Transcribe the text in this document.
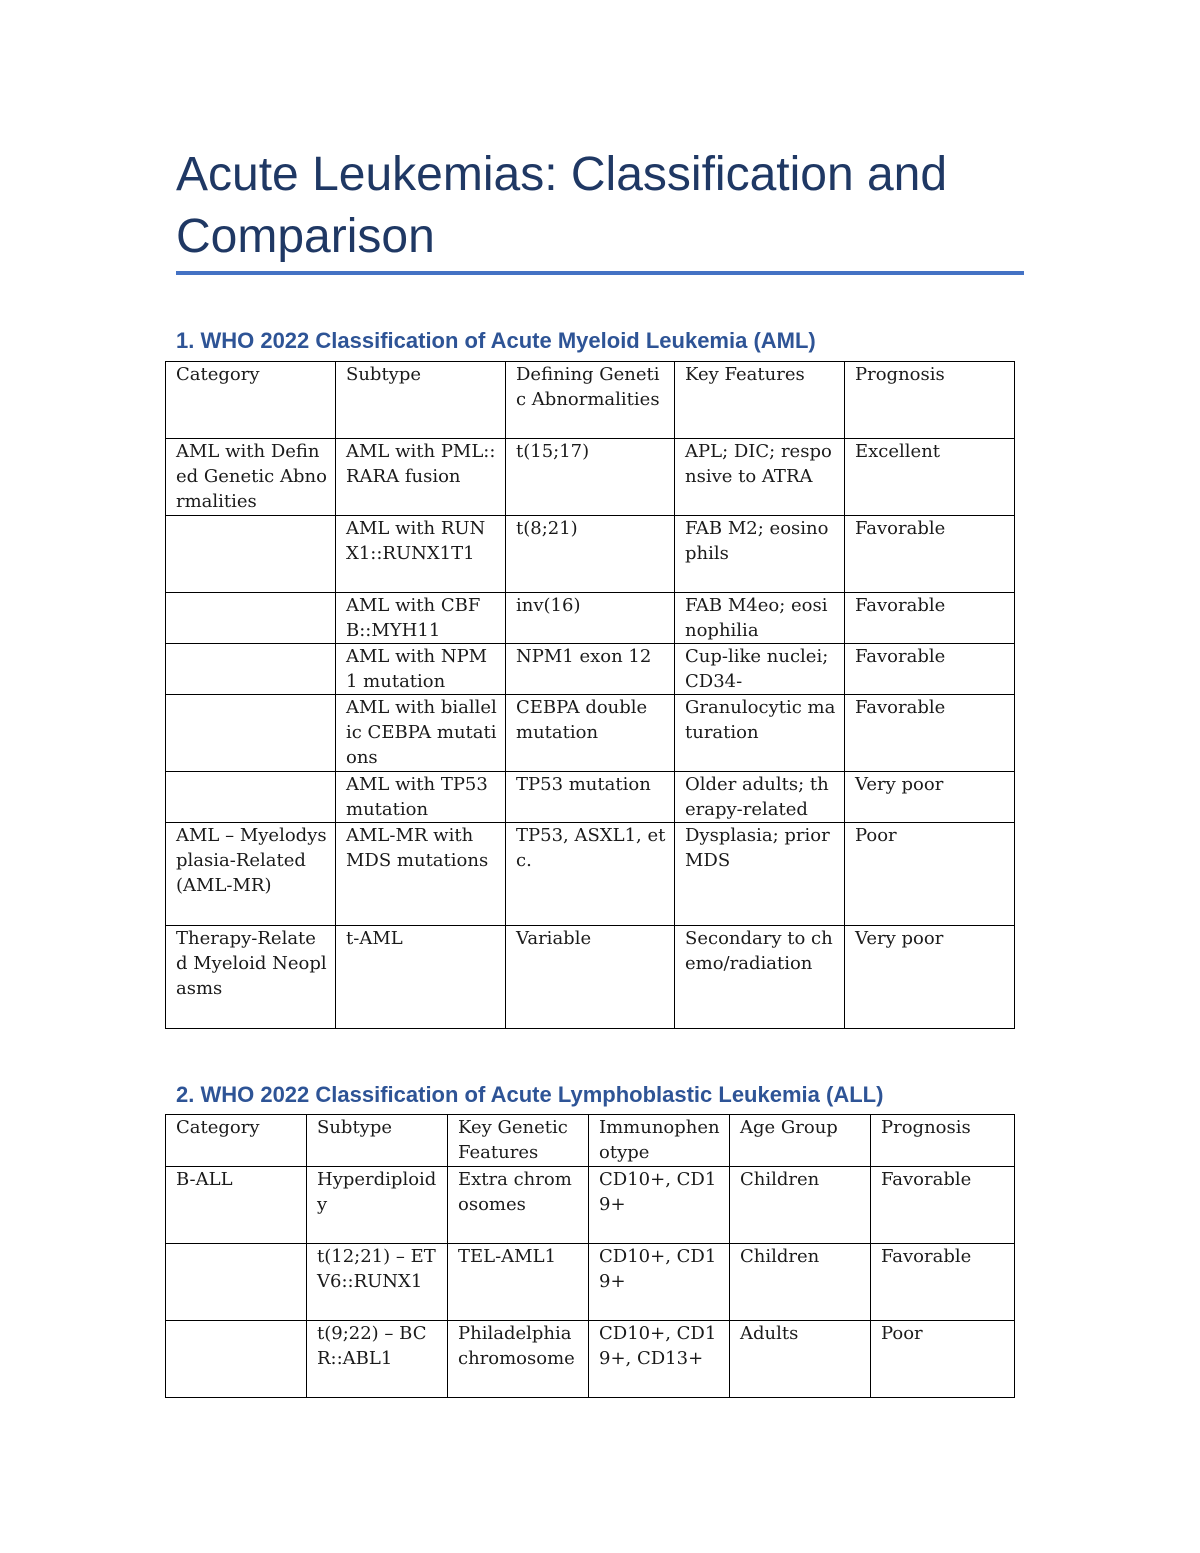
Acute Leukemias: Classification and Comparison
1. WHO 2022 Classification of Acute Myeloid Leukemia (AML)
Category	Subtype	Defining Genetic Abnormalities	Key Features	Prognosis
AML with Defined Genetic Abnormalities	AML with PML::RARA fusion	t(15;17)	APL; DIC; responsive to ATRA	Excellent
	AML with RUNX1::RUNX1T1	t(8;21)	FAB M2; eosinophils	Favorable
	AML with CBFB::MYH11	inv(16)	FAB M4eo; eosinophilia	Favorable
	AML with NPM1 mutation	NPM1 exon 12	Cup-like nuclei; CD34-	Favorable
	AML with biallelic CEBPA mutations	CEBPA double mutation	Granulocytic maturation	Favorable
	AML with TP53 mutation	TP53 mutation	Older adults; therapy-related	Very poor
AML – Myelodysplasia-Related (AML-MR)	AML-MR with MDS mutations	TP53, ASXL1, etc.	Dysplasia; prior MDS	Poor
Therapy-Related Myeloid Neoplasms	t-AML	Variable	Secondary to chemo/radiation	Very poor
2. WHO 2022 Classification of Acute Lymphoblastic Leukemia (ALL)
Category	Subtype	Key Genetic Features	Immunophenotype	Age Group	Prognosis
B-ALL	Hyperdiploidy	Extra chromosomes	CD10+, CD19+	Children	Favorable
	t(12;21) – ETV6::RUNX1	TEL-AML1	CD10+, CD19+	Children	Favorable
	t(9;22) – BCR::ABL1	Philadelphia chromosome	CD10+, CD19+, CD13+	Adults	Poor
